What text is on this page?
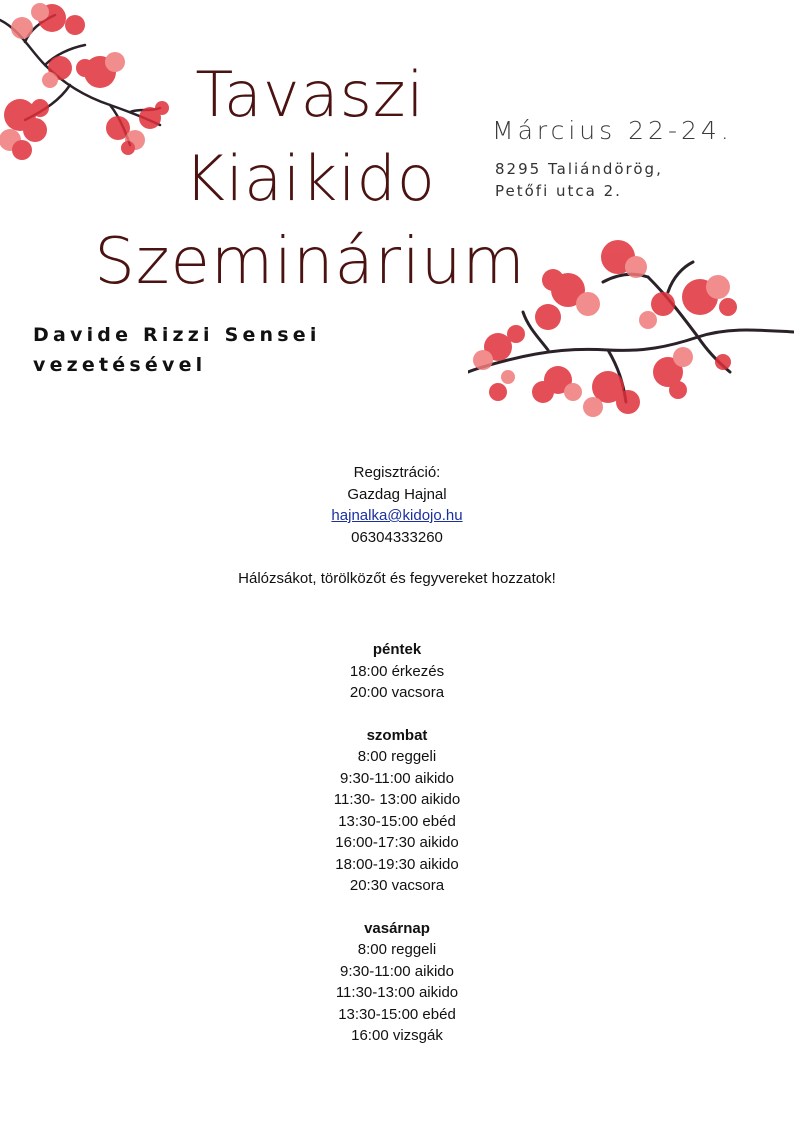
Tavaszi
Kiaikido
Szeminárium
Március 22-24.
8295 Taliándörög,
Petőfi utca 2.
Davide Rizzi Sensei
vezetésével
Regisztráció:
Gazdag Hajnal
hajnalka@kidojo.hu
06304333260
Hálózsákot, törölközőt és fegyvereket hozzatok!
péntek
18:00 érkezés
20:00 vacsora
szombat
8:00 reggeli
9:30-11:00 aikido
11:30- 13:00 aikido
13:30-15:00 ebéd
16:00-17:30 aikido
18:00-19:30 aikido
20:30 vacsora
vasárnap
8:00 reggeli
9:30-11:00 aikido
11:30-13:00 aikido
13:30-15:00 ebéd
16:00 vizsgák
